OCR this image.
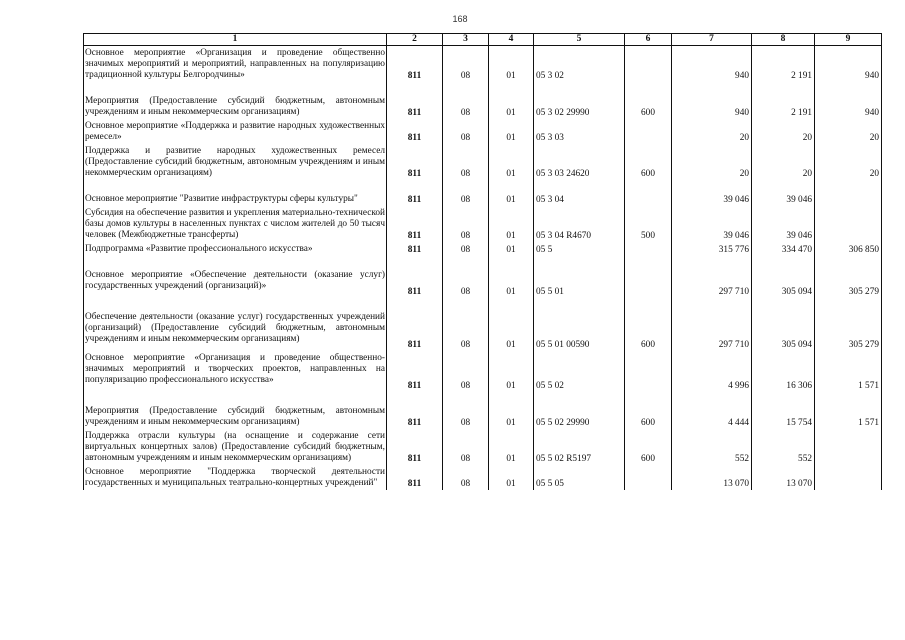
168
1	2	3	4	5	6	7	8	9
Основное мероприятие «Организация и проведение общественно значимых мероприятий и мероприятий, направленных на популяризацию традиционной культуры Белгородчины»	811	08	01	05 3 02		940	2 191	940

Мероприятия (Предоставление субсидий бюджетным, автономным учреждениям и иным некоммерческим организациям)	811	08	01	05 3 02 29990	600	940	2 191	940
Основное мероприятие «Поддержка и развитие народных художественных ремесел»	811	08	01	05 3 03		20	20	20
Поддержка и развитие народных художественных ремесел (Предоставление субсидий бюджетным, автономным учреждениям и иным некоммерческим организациям)	811	08	01	05 3 03 24620	600	20	20	20

Основное мероприятие "Развитие инфраструктуры сферы культуры"	811	08	01	05 3 04		39 046	39 046	
Субсидия на обеспечение развития и укрепления материально-технической базы домов культуры в населенных пунктах с числом жителей до 50 тысяч человек (Межбюджетные трансферты)	811	08	01	05 3 04 R4670	500	39 046	39 046	
Подпрограмма «Развитие профессионального искусства»	811	08	01	05 5		315 776	334 470	306 850

Основное мероприятие «Обеспечение деятельности (оказание услуг) государственных учреждений (организаций)»	811	08	01	05 5 01		297 710	305 094	305 279

Обеспечение деятельности (оказание услуг) государственных учреждений (организаций) (Предоставление субсидий бюджетным, автономным учреждениям и иным некоммерческим организациям)	811	08	01	05 5 01 00590	600	297 710	305 094	305 279
Основное мероприятие «Организация и проведение общественно-значимых мероприятий и творческих проектов, направленных на популяризацию профессионального искусства»	811	08	01	05 5 02		4 996	16 306	1 571

Мероприятия (Предоставление субсидий бюджетным, автономным учреждениям и иным некоммерческим организациям)	811	08	01	05 5 02 29990	600	4 444	15 754	1 571
Поддержка отрасли культуры (на оснащение и содержание сети виртуальных концертных залов) (Предоставление субсидий бюджетным, автономным учреждениям и иным некоммерческим организациям)	811	08	01	05 5 02 R5197	600	552	552	
Основное мероприятие "Поддержка творческой деятельности государственных и муниципальных театрально-концертных учреждений"	811	08	01	05 5 05		13 070	13 070	
